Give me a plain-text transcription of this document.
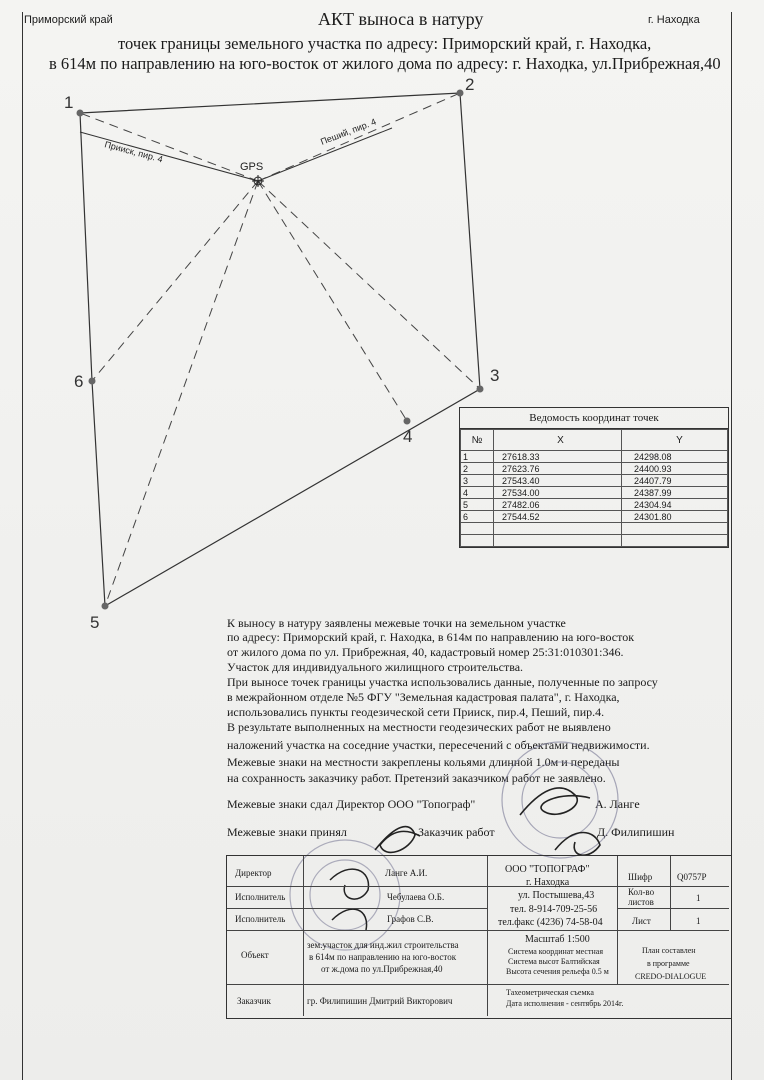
Приморский край	АКТ выноса в натуру	г. Находка
точек границы земельного участка по адресу: Приморский край, г. Находка,
в 614м по направлению на юго-восток от жилого дома по адресу: г. Находка, ул.Прибрежная,40
GPS
Прииск, пир. 4
Пеший, пир. 4
1
2
3
4
5
6
Ведомость координат точек
№	X	Y
1	27618.33	24298.08
2	27623.76	24400.93
3	27543.40	24407.79
4	27534.00	24387.99
5	27482.06	24304.94
6	27544.52	24301.80

К выносу в натуру заявлены межевые точки на земельном участке
по адресу: Приморский край, г. Находка, в 614м по направлению на юго-восток
от жилого дома по ул. Прибрежная, 40, кадастровый номер 25:31:010301:346.
Участок для индивидуального жилищного строительства.
При выносе точек границы участка использовались данные, полученные по запросу
в межрайонном отделе №5 ФГУ "Земельная кадастровая палата", г. Находка,
использовались пункты геодезической сети Прииск, пир.4, Пеший, пир.4.
В результате выполненных на местности геодезических работ не выявлено
наложений участка на соседние участки, пересечений с объектами недвижимости.
Межевые знаки на местности закреплены кольями длинной 1.0м и переданы
на сохранность заказчику работ. Претензий заказчиком работ не заявлено.
Межевые знаки сдал Директор ООО "Топограф"	А. Ланге
Межевые знаки принял	Заказчик работ	Д. Филипишин
Директор	Ланге А.И.
Исполнитель	Чебулаева О.Б.
Исполнитель	Графов С.В.
ООО "ТОПОГРАФ"
г. Находка
ул. Постышева,43
тел. 8-914-709-25-56
тел.факс (4236) 74-58-04
Шифр	Q0757P
Кол-во
листов	1
Лист	1
Объект
зем.участок для инд.жил строительства
в 614м по направлению на юго-восток
от ж.дома по ул.Прибрежная,40
Масштаб 1:500
Система координат местная
Система высот Балтийская
Высота сечения рельефа 0.5 м
План составлен
в программе
CREDO-DIALOGUE
Заказчик	гр. Филипишин Дмитрий Викторович
Тахеометрическая съемка
Дата исполнения - сентябрь 2014г.
